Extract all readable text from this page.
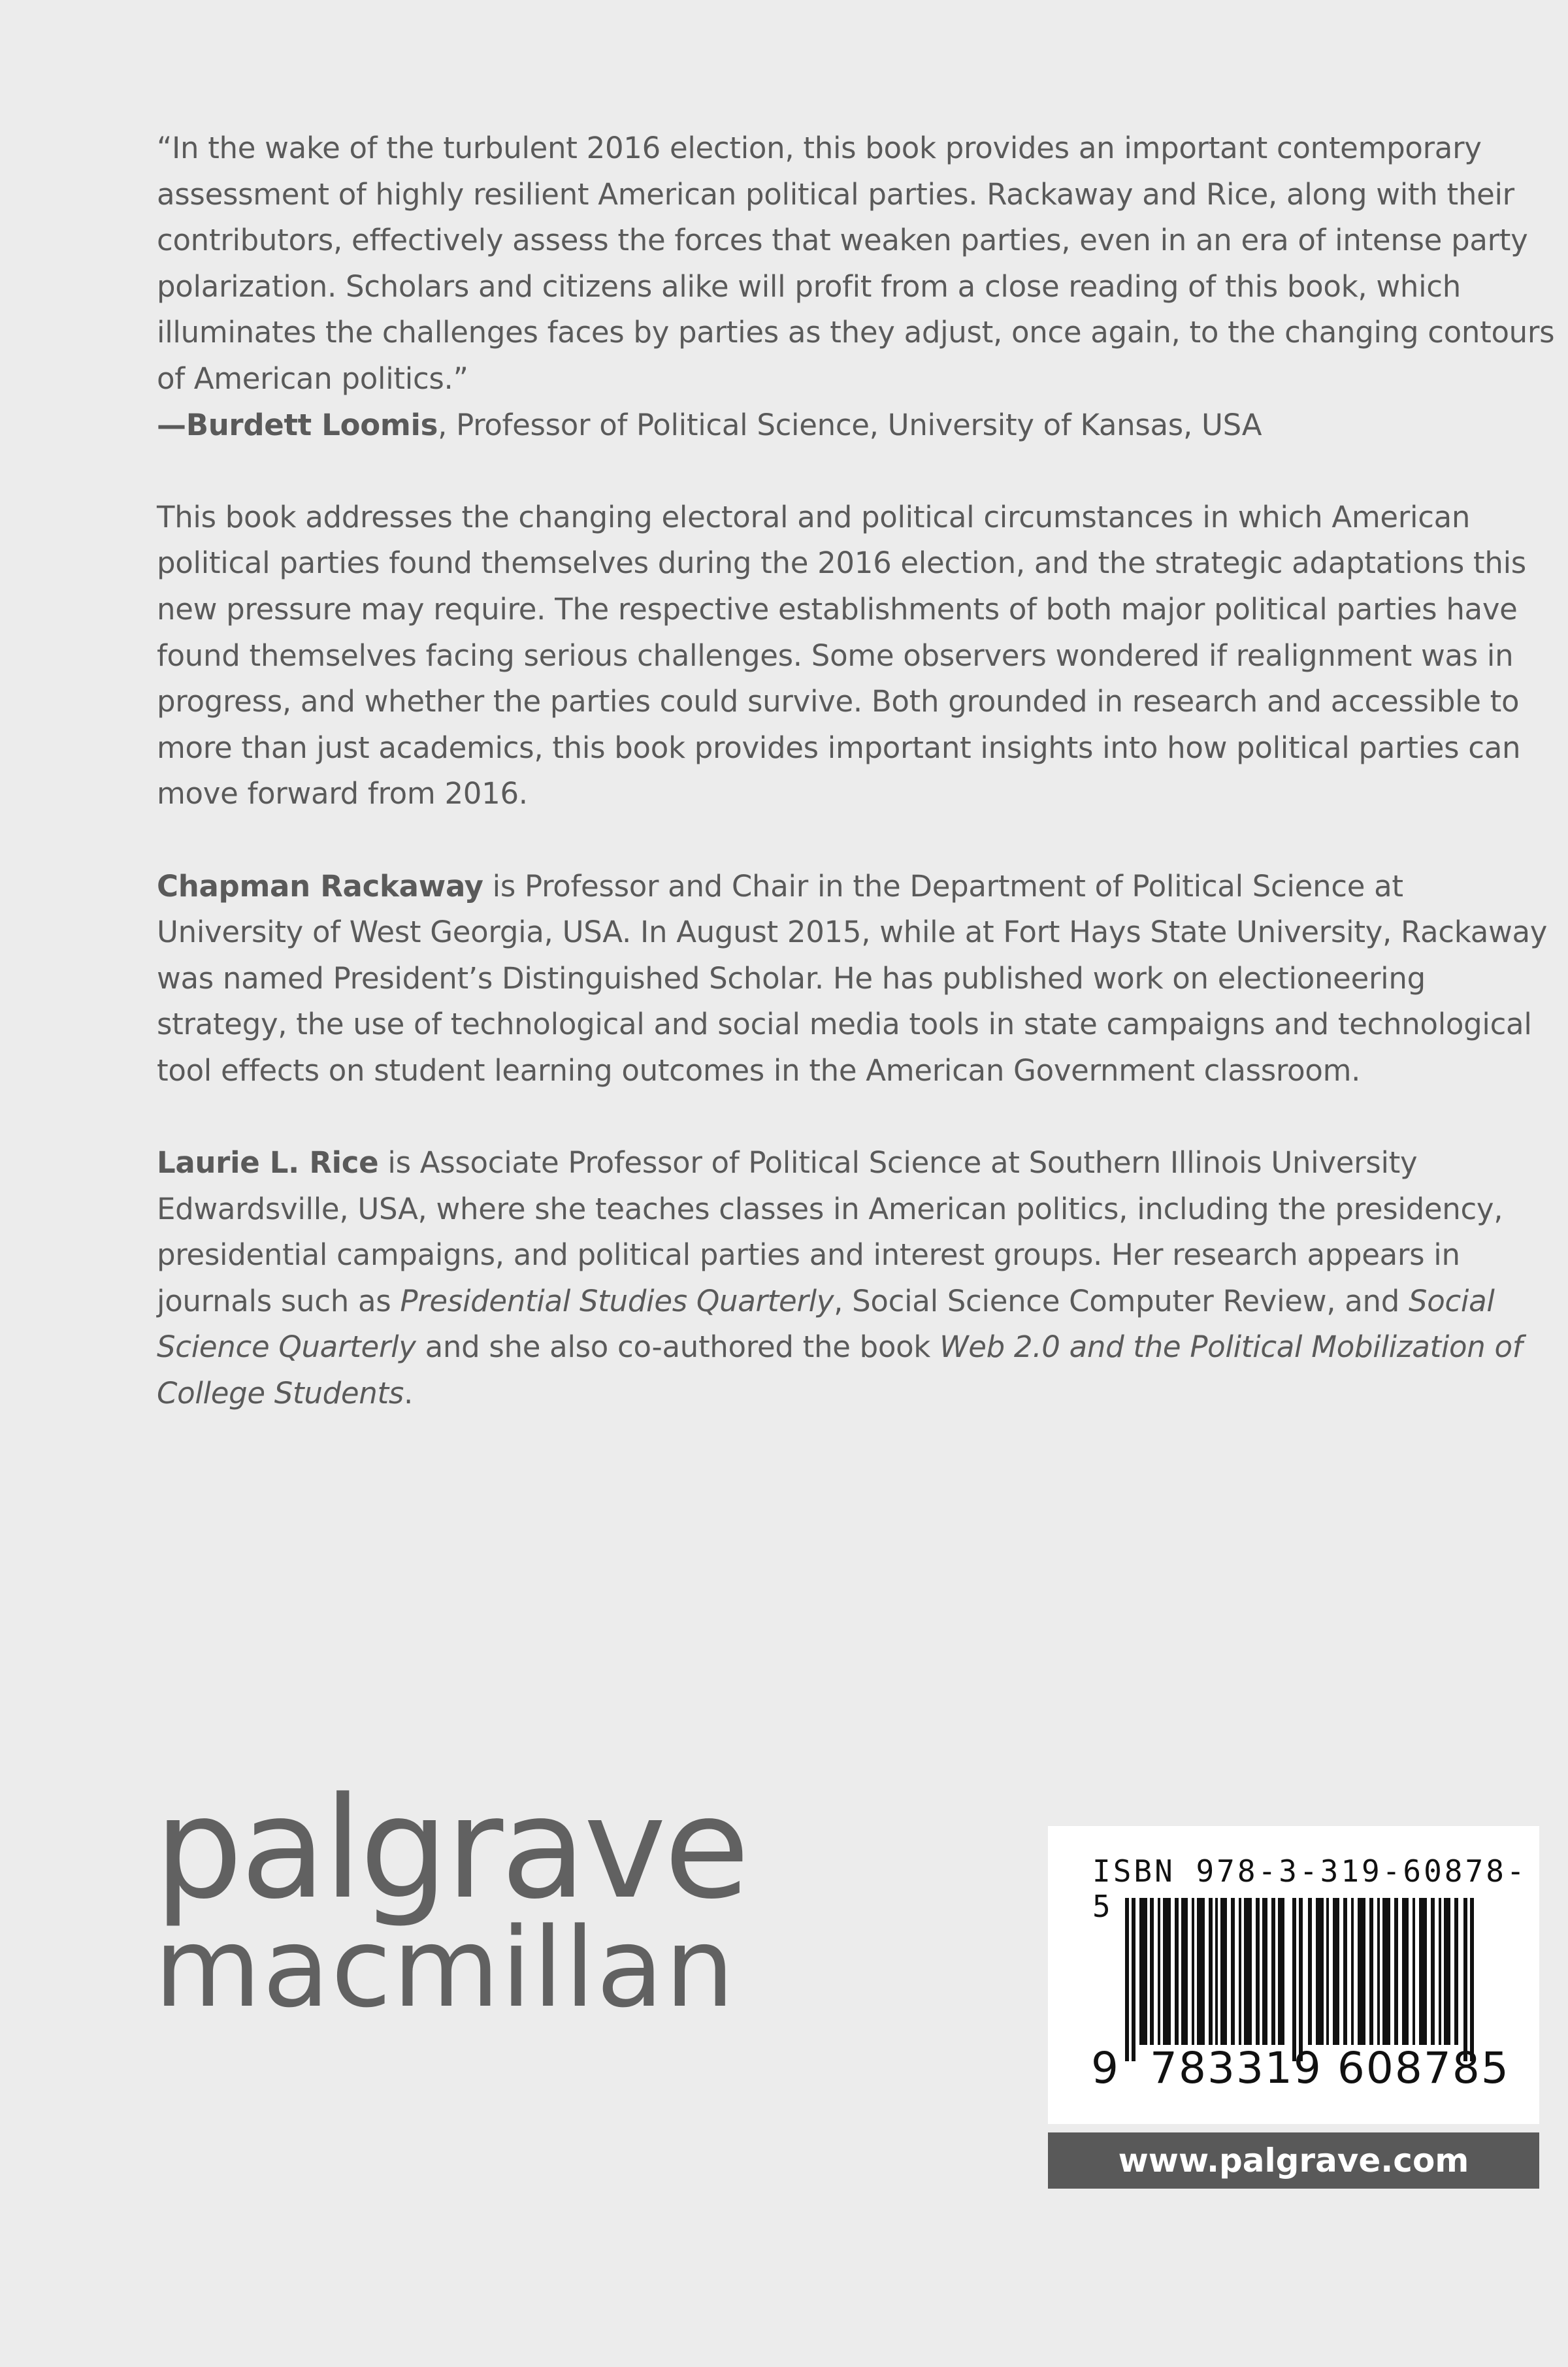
“In the wake of the turbulent 2016 election, this book provides an important contemporary assessment of highly resilient American political parties. Rackaway and Rice, along with their contributors, effectively assess the forces that weaken parties, even in an era of intense party polarization. Scholars and citizens alike will profit from a close reading of this book, which illuminates the challenges faces by parties as they adjust, once again, to the changing contours of American politics.”
—Burdett Loomis, Professor of Political Science, University of Kansas, USA

This book addresses the changing electoral and political circumstances in which American political parties found themselves during the 2016 election, and the strategic adaptations this new pressure may require. The respective establishments of both major political parties have found themselves facing serious challenges. Some observers wondered if realignment was in progress, and whether the parties could survive. Both grounded in research and accessible to more than just academics, this book provides important insights into how political parties can move forward from 2016.

Chapman Rackaway is Professor and Chair in the Department of Political Science at University of West Georgia, USA. In August 2015, while at Fort Hays State University, Rackaway was named President’s Distinguished Scholar. He has published work on electioneering strategy, the use of technological and social media tools in state campaigns and technological tool effects on student learning outcomes in the American Government classroom.

Laurie L. Rice is Associate Professor of Political Science at Southern Illinois University Edwardsville, USA, where she teaches classes in American politics, including the presidency, presidential campaigns, and political parties and interest groups. Her research appears in journals such as Presidential Studies Quarterly, Social Science Computer Review, and Social Science Quarterly and she also co-authored the book Web 2.0 and the Political Mobilization of College Students.

palgrave
macmillan
ISBN 978-3-319-60878-5
9 783319 608785
www.palgrave.com
